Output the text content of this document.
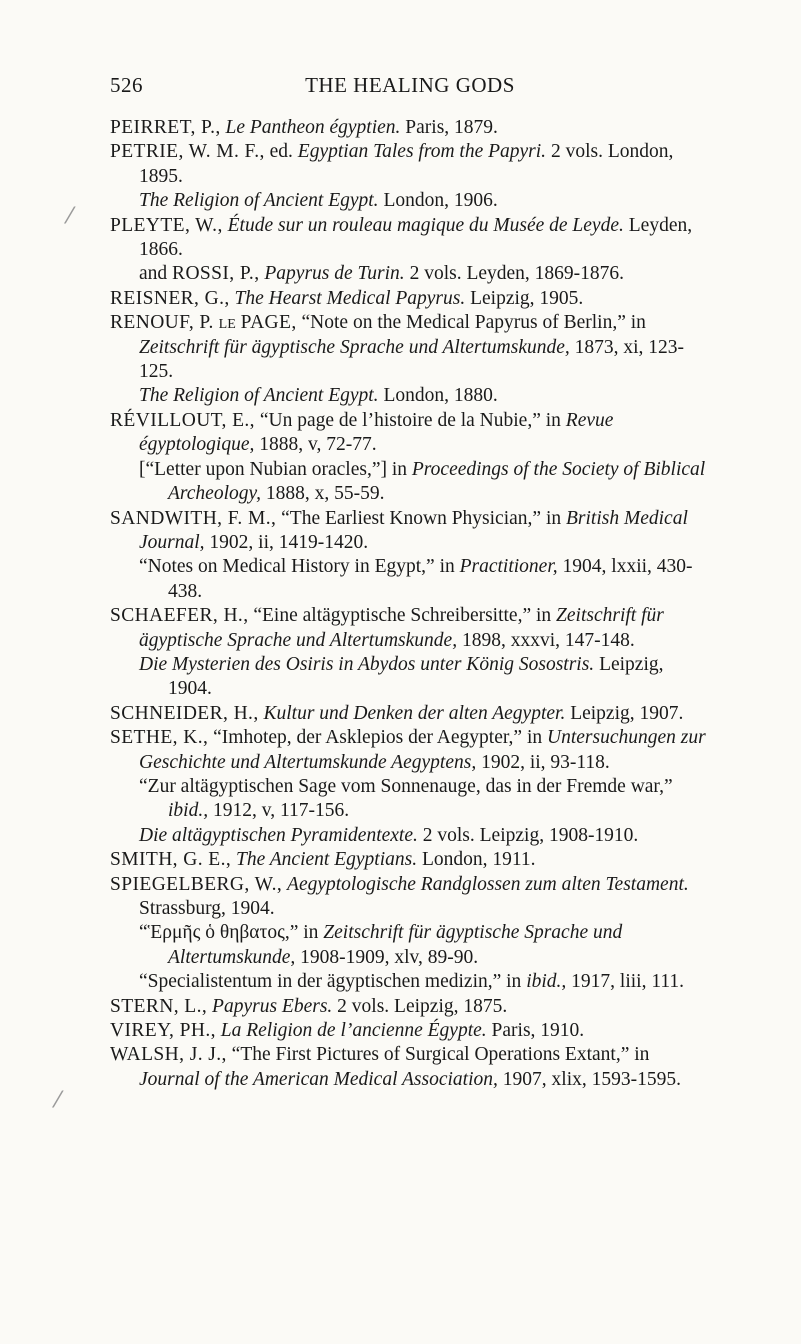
526	THE HEALING GODS
⁄
⁄
PEIRRET, P., Le Pantheon égyptien. Paris, 1879.
PETRIE, W. M. F., ed. Egyptian Tales from the Papyri. 2 vols. London, 1895.
The Religion of Ancient Egypt. London, 1906.
PLEYTE, W., Étude sur un rouleau magique du Musée de Leyde. Leyden, 1866.
and ROSSI, P., Papyrus de Turin. 2 vols. Leyden, 1869-1876.
REISNER, G., The Hearst Medical Papyrus. Leipzig, 1905.
RENOUF, P. le PAGE, “Note on the Medical Papyrus of Berlin,” in Zeitschrift für ägyptische Sprache und Altertumskunde, 1873, xi, 123-125.
The Religion of Ancient Egypt. London, 1880.
RÉVILLOUT, E., “Un page de l’histoire de la Nubie,” in Revue égyptologique, 1888, v, 72-77.
[“Letter upon Nubian oracles,”] in Proceedings of the Society of Biblical Archeology, 1888, x, 55-59.
SANDWITH, F. M., “The Earliest Known Physician,” in British Medical Journal, 1902, ii, 1419-1420.
“Notes on Medical History in Egypt,” in Practitioner, 1904, lxxii, 430-438.
SCHAEFER, H., “Eine altägyptische Schreibersitte,” in Zeitschrift für ägyptische Sprache und Altertumskunde, 1898, xxxvi, 147-148.
Die Mysterien des Osiris in Abydos unter König Sosostris. Leipzig, 1904.
SCHNEIDER, H., Kultur und Denken der alten Aegypter. Leipzig, 1907.
SETHE, K., “Imhotep, der Asklepios der Aegypter,” in Untersuchungen zur Geschichte und Altertumskunde Aegyptens, 1902, ii, 93-118.
“Zur altägyptischen Sage vom Sonnenauge, das in der Fremde war,” ibid., 1912, v, 117-156.
Die altägyptischen Pyramidentexte. 2 vols. Leipzig, 1908-1910.
SMITH, G. E., The Ancient Egyptians. London, 1911.
SPIEGELBERG, W., Aegyptologische Randglossen zum alten Testament. Strassburg, 1904.
“Ἑρμῆς ὁ θηβατος,” in Zeitschrift für ägyptische Sprache und Altertumskunde, 1908-1909, xlv, 89-90.
“Specialistentum in der ägyptischen medizin,” in ibid., 1917, liii, 111.
STERN, L., Papyrus Ebers. 2 vols. Leipzig, 1875.
VIREY, PH., La Religion de l’ancienne Égypte. Paris, 1910.
WALSH, J. J., “The First Pictures of Surgical Operations Extant,” in Journal of the American Medical Association, 1907, xlix, 1593-1595.
